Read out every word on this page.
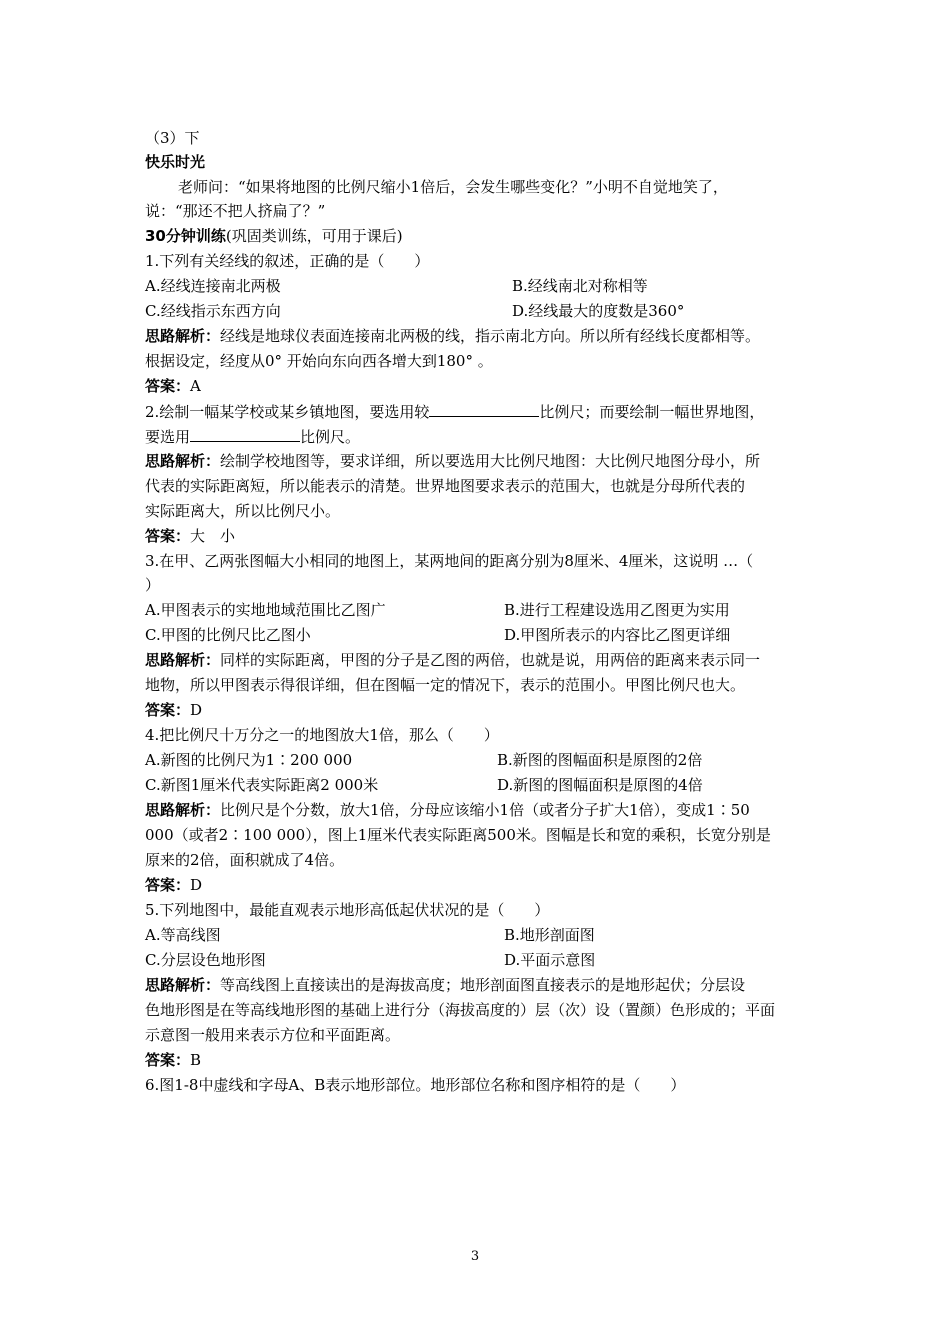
（3）下
快乐时光
老师问：“如果将地图的比例尺缩小1倍后，会发生哪些变化？”小明不自觉地笑了，
说：“那还不把人挤扁了？”
30分钟训练(巩固类训练，可用于课后)
1.下列有关经线的叙述，正确的是（　　）
A.经线连接南北两极	B.经线南北对称相等
C.经线指示东西方向	D.经线最大的度数是360°
思路解析：经线是地球仪表面连接南北两极的线，指示南北方向。所以所有经线长度都相等。
根据设定，经度从0° 开始向东向西各增大到180° 。
答案：A
2.绘制一幅某学校或某乡镇地图，要选用较	比例尺；而要绘制一幅世界地图，
要选用	比例尺。
思路解析：绘制学校地图等，要求详细，所以要选用大比例尺地图：大比例尺地图分母小，所
代表的实际距离短，所以能表示的清楚。世界地图要求表示的范围大，也就是分母所代表的
实际距离大，所以比例尺小。
答案：大　小
3.在甲、乙两张图幅大小相同的地图上，某两地间的距离分别为8厘米、4厘米，这说明 …（
）
A.甲图表示的实地地域范围比乙图广	B.进行工程建设选用乙图更为实用
C.甲图的比例尺比乙图小	D.甲图所表示的内容比乙图更详细
思路解析：同样的实际距离，甲图的分子是乙图的两倍，也就是说，用两倍的距离来表示同一
地物，所以甲图表示得很详细，但在图幅一定的情况下，表示的范围小。甲图比例尺也大。
答案：D
4.把比例尺十万分之一的地图放大1倍，那么（　　）
A.新图的比例尺为1∶200 000	B.新图的图幅面积是原图的2倍
C.新图1厘米代表实际距离2 000米	D.新图的图幅面积是原图的4倍
思路解析：比例尺是个分数，放大1倍，分母应该缩小1倍（或者分子扩大1倍），变成1∶50
000（或者2∶100 000），图上1厘米代表实际距离500米。图幅是长和宽的乘积，长宽分别是
原来的2倍，面积就成了4倍。
答案：D
5.下列地图中，最能直观表示地形高低起伏状况的是（　　）
A.等高线图	B.地形剖面图
C.分层设色地形图	D.平面示意图
思路解析：等高线图上直接读出的是海拔高度；地形剖面图直接表示的是地形起伏；分层设
色地形图是在等高线地形图的基础上进行分（海拔高度的）层（次）设（置颜）色形成的；平面
示意图一般用来表示方位和平面距离。
答案：B
6.图1-8中虚线和字母A、B表示地形部位。地形部位名称和图序相符的是（　　）
3
